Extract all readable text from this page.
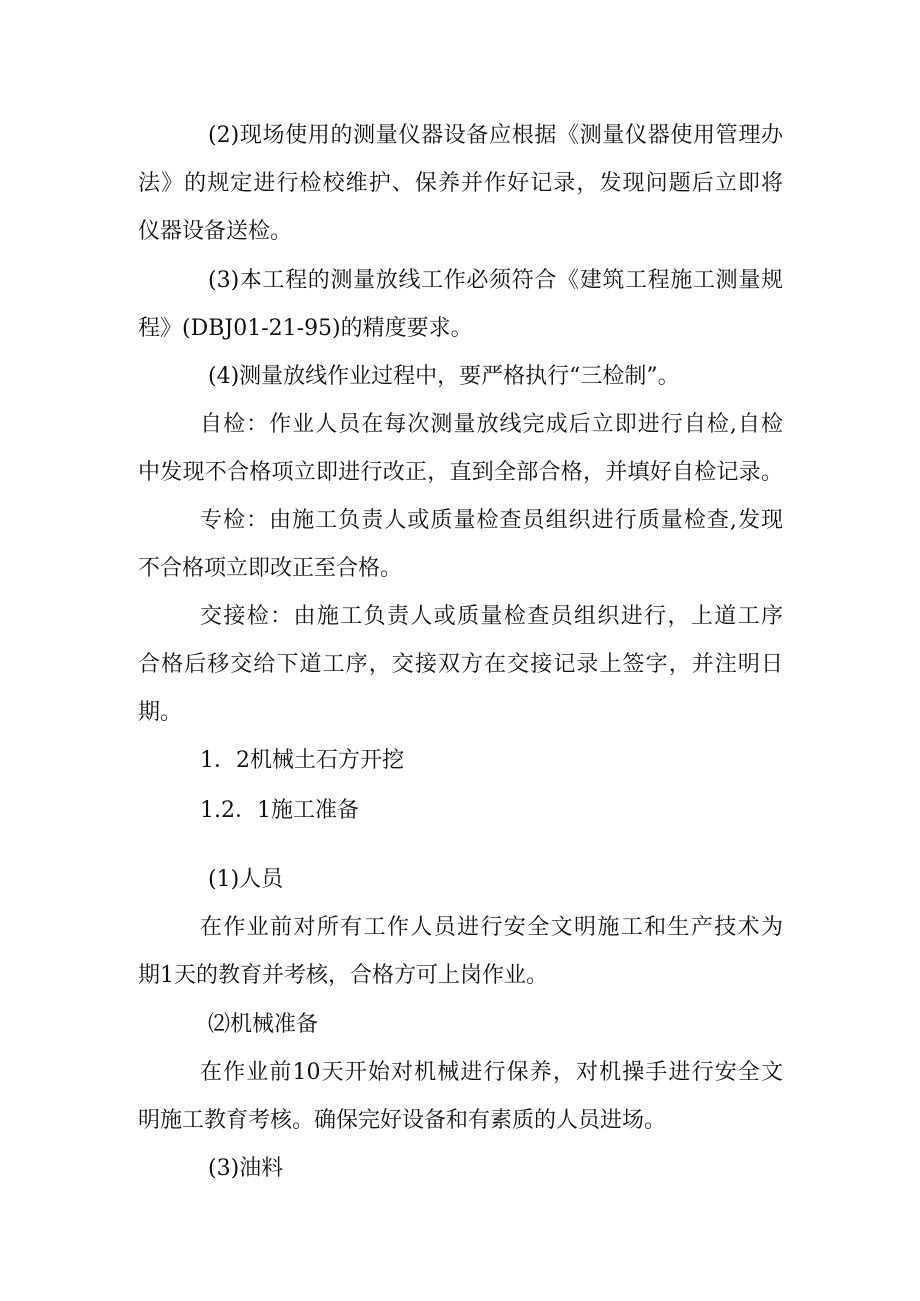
(2)现场使用的测量仪器设备应根据《测量仪器使用管理办
法》的规定进行检校维护、保养并作好记录，发现问题后立即将
仪器设备送检。
(3)本工程的测量放线工作必须符合《建筑工程施工测量规
程》(DBJ01-21-95)的精度要求。
(4)测量放线作业过程中，要严格执行“三检制”。
自检：作业人员在每次测量放线完成后立即进行自检,自检
中发现不合格项立即进行改正，直到全部合格，并填好自检记录。
专检：由施工负责人或质量检查员组织进行质量检查,发现
不合格项立即改正至合格。
交接检：由施工负责人或质量检查员组织进行，上道工序
合格后移交给下道工序，交接双方在交接记录上签字，并注明日
期。
1．2机械土石方开挖
1.2．1施工准备
(1)人员
在作业前对所有工作人员进行安全文明施工和生产技术为
期1天的教育并考核，合格方可上岗作业。
⑵机械准备
在作业前10天开始对机械进行保养，对机操手进行安全文
明施工教育考核。确保完好设备和有素质的人员进场。
(3)油料
